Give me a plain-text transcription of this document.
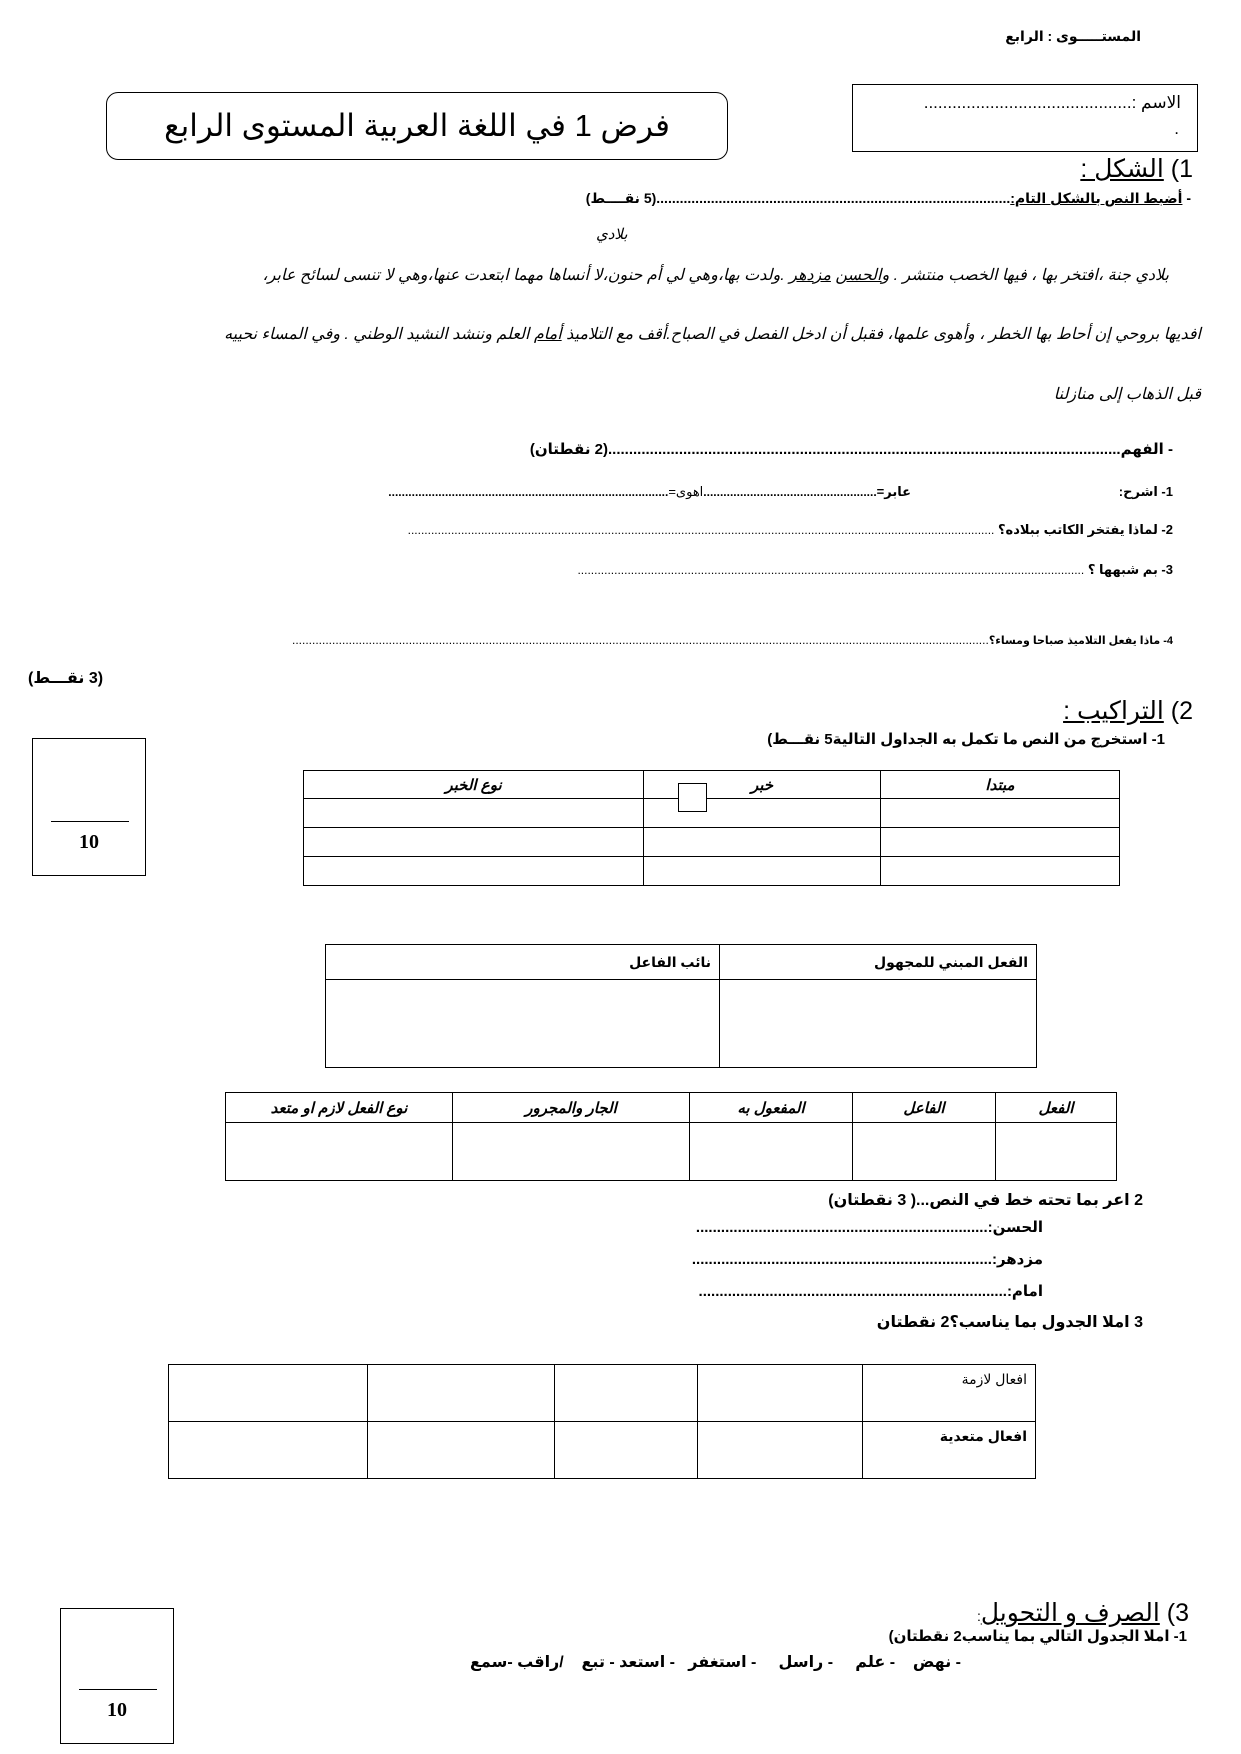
المستـــــوى : الرابع
الاسم :............................................
.
فرض 1 في اللغة العربية المستوى الرابع
1) الشكل :
- أضبط النص بالشكل التام:...........................................................................................(5 نقــــط)
بلادي
بلادي جنة ،افتخر بها ، فيها الخصب منتشر . والحسن مزدهر .ولدت بها،وهي لي أم حنون،لا أنساها مهما ابتعدت عنها،وهي لا تنسى لسائح عابر،
افديها بروحي إن أحاط بها الخطر ، وأهوى علمها، فقبل أن ادخل الفصل في الصباح.أقف مع التلاميذ أمام العلم وننشد النشيد الوطني . وفي المساء نحييه
قبل الذهاب إلى منازلنا
- الفهم...........................................................................................................................(2 نقطتان)
1- اشرح:
عابر=....................................................اهوى=....................................................................................
2- لماذا يفتخر الكاتب ببلاده؟ ................................................................................................................................................................................
3- بم شبهها ؟ ........................................................................................................................................................
4- ماذا يفعل التلاميذ صباحا ومساء؟.................................................................................................................................................................................................................
(3 نقـــط)
2) التراكيب :
1- استخرج من النص ما تكمل به الجداول التالية5 نقـــط)
10
مبتدا	خبر	نوع الخبر

الفعل المبني للمجهول	نائب الفاعل

الفعل	الفاعل	المفعول به	الجار والمجرور	نوع الفعل لازم او متعد

2 اعر بما تحته خط في النص...( 3 نقطتان)
الحسن:......................................................................
مزدهر:........................................................................
امام:..........................................................................
3 املا الجدول بما يناسب؟2 نقطتان
افعال لازمة				
افعال متعدية				
3) الصرف و التحويل:
1- املا الجدول التالي بما يناسب2 نقطتان)
- نهض    - علم     - راسل     - استغفر   - استعد - تبع    /راقب -سمع
10
